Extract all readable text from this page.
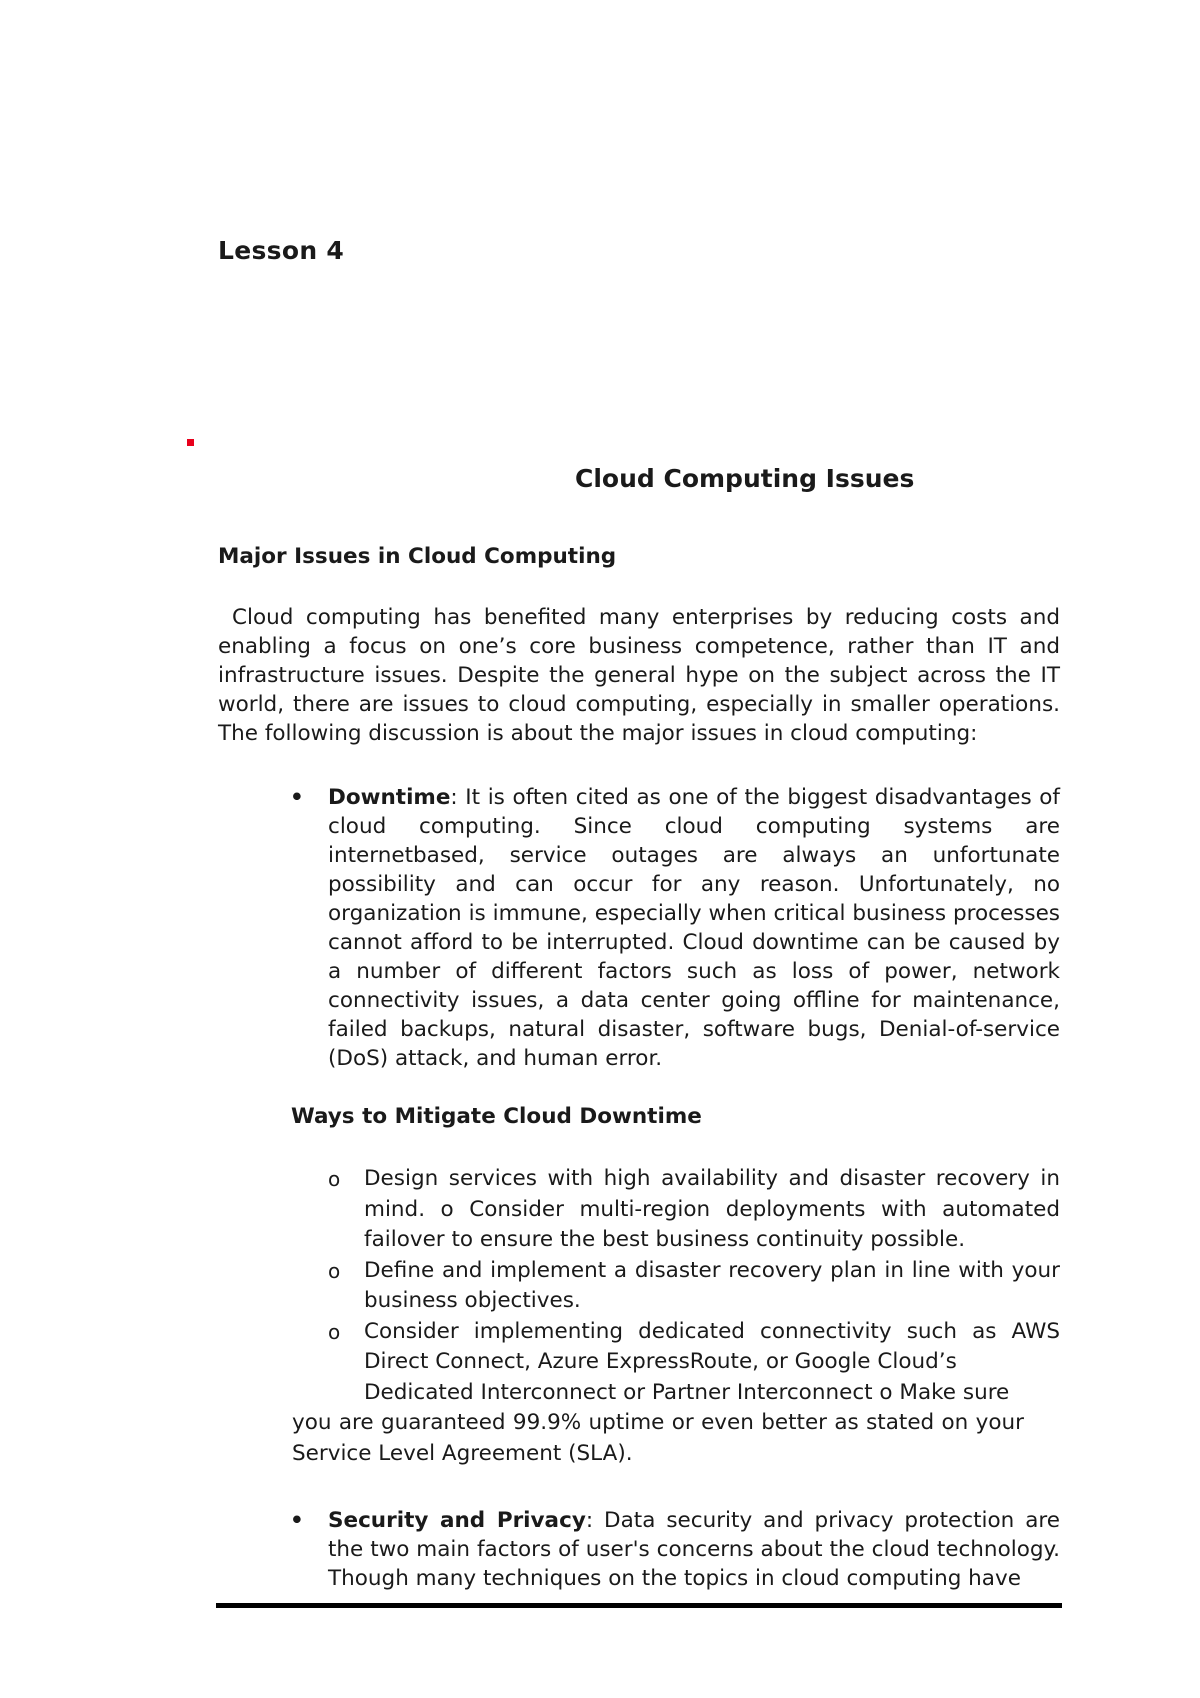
Lesson 4
Cloud Computing Issues
Major Issues in Cloud Computing

Cloud computing has benefited many enterprises by reducing costs and enabling a focus on one’s core business competence, rather than IT and infrastructure issues. Despite the general hype on the subject across the IT world, there are issues to cloud computing, especially in smaller operations. The following discussion is about the major issues in cloud computing:

• Downtime: It is often cited as one of the biggest disadvantages of cloud computing. Since cloud computing systems are internetbased, service outages are always an unfortunate possibility and can occur for any reason. Unfortunately, no organization is immune, especially when critical business processes cannot afford to be interrupted. Cloud downtime can be caused by a number of different factors such as loss of power, network connectivity issues, a data center going offline for maintenance, failed backups, natural disaster, software bugs, Denial-of-service (DoS) attack, and human error.
Ways to Mitigate Cloud Downtime
o Design services with high availability and disaster recovery in mind. o Consider multi-region deployments with automated failover to ensure the best business continuity possible.
o Define and implement a disaster recovery plan in line with your business objectives.
o Consider implementing dedicated connectivity such as AWS Direct Connect, Azure ExpressRoute, or Google Cloud’s
Dedicated Interconnect or Partner Interconnect o Make sure
you are guaranteed 99.9% uptime or even better as stated on your Service Level Agreement (SLA).
• Security and Privacy: Data security and privacy protection are the two main factors of user's concerns about the cloud technology. Though many techniques on the topics in cloud computing have
